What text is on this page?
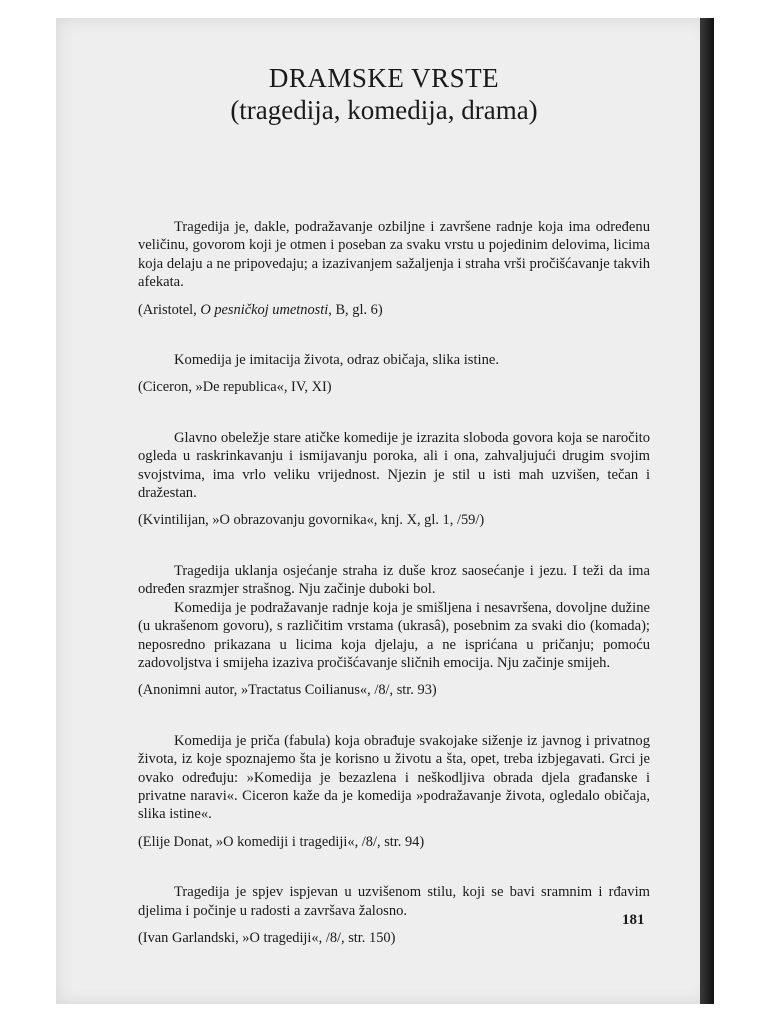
DRAMSKE VRSTE
(tragedija, komedija, drama)

Tragedija je, dakle, podražavanje ozbiljne i završene radnje koja ima određenu veličinu, govorom koji je otmen i poseban za svaku vrstu u pojedinim delovima, licima koja delaju a ne pripovedaju; a izazivanjem sažaljenja i straha vrši pročišćavanje takvih afekata.

(Aristotel, O pesničkoj umetnosti, B, gl. 6)

Komedija je imitacija života, odraz običaja, slika istine.

(Ciceron, »De republica«, IV, XI)

Glavno obeležje stare atičke komedije je izrazita sloboda govora koja se naročito ogleda u raskrinkavanju i ismijavanju poroka, ali i ona, zahvaljujući drugim svojim svojstvima, ima vrlo veliku vrijednost. Njezin je stil u isti mah uzvišen, tečan i dražestan.

(Kvintilijan, »O obrazovanju govornika«, knj. X, gl. 1, /59/)

Tragedija uklanja osjećanje straha iz duše kroz saosećanje i jezu. I teži da ima određen srazmjer strašnog. Nju začinje duboki bol.

Komedija je podražavanje radnje koja je smišljena i nesavršena, dovoljne dužine (u ukrašenom govoru), s različitim vrstama (ukrasâ), posebnim za svaki dio (komada); neposredno prikazana u licima koja djelaju, a ne isprićana u pričanju; pomoću zadovoljstva i smijeha izaziva pročišćavanje sličnih emocija. Nju začinje smijeh.

(Anonimni autor, »Tractatus Coilianus«, /8/, str. 93)

Komedija je priča (fabula) koja obrađuje svakojake siženje iz javnog i privatnog života, iz koje spoznajemo šta je korisno u životu a šta, opet, treba izbjegavati. Grci je ovako određuju: »Komedija je bezazlena i neškodljiva obrada djela građanske i privatne naravi«. Ciceron kaže da je komedija »podražavanje života, ogledalo običaja, slika istine«.

(Elije Donat, »O komediji i tragediji«, /8/, str. 94)

Tragedija je spjev ispjevan u uzvišenom stilu, koji se bavi sramnim i rđavim djelima i počinje u radosti a završava žalosno.

(Ivan Garlandski, »O tragediji«, /8/, str. 150)

181
